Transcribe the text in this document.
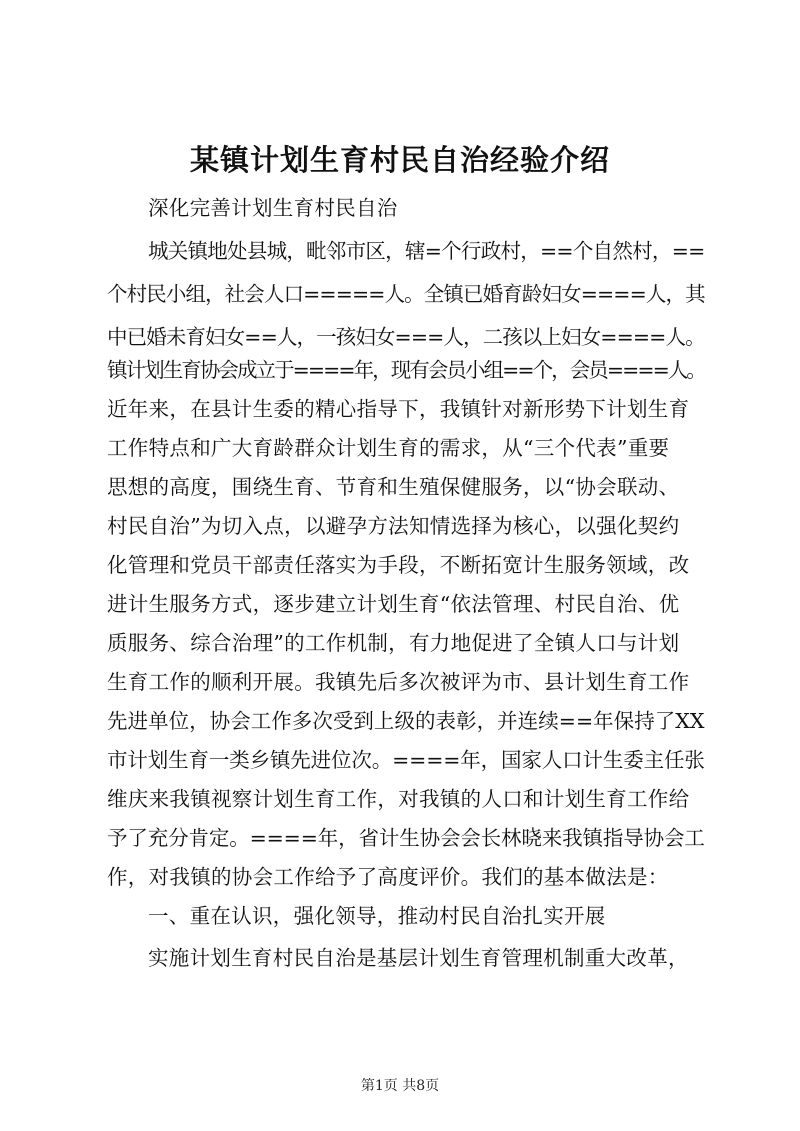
某镇计划生育村民自治经验介绍
深化完善计划生育村民自治
城关镇地处县城，毗邻市区，辖=个行政村，==个自然村，==
个村民小组，社会人口=====人。全镇已婚育龄妇女====人，其
中已婚未育妇女==人，一孩妇女===人，二孩以上妇女====人。
镇计划生育协会成立于====年，现有会员小组==个，会员====人。
近年来，在县计生委的精心指导下，我镇针对新形势下计划生育
工作特点和广大育龄群众计划生育的需求，从“三个代表”重要
思想的高度，围绕生育、节育和生殖保健服务，以“协会联动、
村民自治”为切入点，以避孕方法知情选择为核心，以强化契约
化管理和党员干部责任落实为手段，不断拓宽计生服务领域，改
进计生服务方式，逐步建立计划生育“依法管理、村民自治、优
质服务、综合治理”的工作机制，有力地促进了全镇人口与计划
生育工作的顺利开展。我镇先后多次被评为市、县计划生育工作
先进单位，协会工作多次受到上级的表彰，并连续==年保持了XX
市计划生育一类乡镇先进位次。====年，国家人口计生委主任张
维庆来我镇视察计划生育工作，对我镇的人口和计划生育工作给
予了充分肯定。====年，省计生协会会长林晓来我镇指导协会工
作，对我镇的协会工作给予了高度评价。我们的基本做法是：
一、重在认识，强化领导，推动村民自治扎实开展
实施计划生育村民自治是基层计划生育管理机制重大改革，
第1页 共8页
